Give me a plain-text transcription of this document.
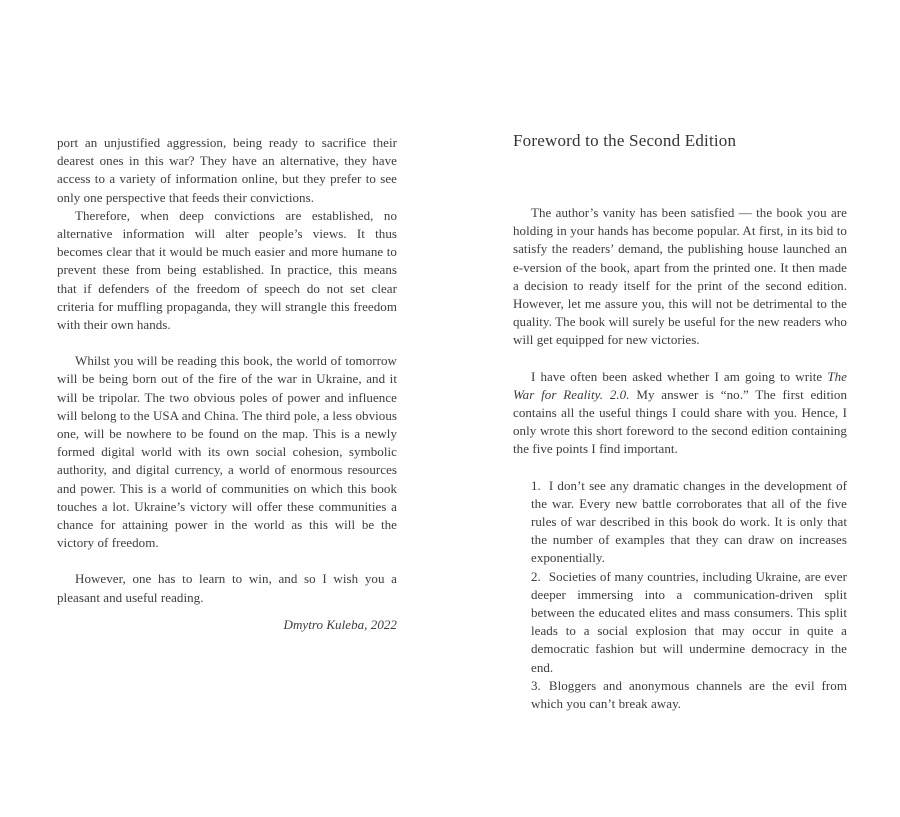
port an unjustified aggression, being ready to sacrifice their dearest ones in this war? They have an alternative, they have access to a variety of information online, but they prefer to see only one perspective that feeds their convictions.

Therefore, when deep convictions are established, no alternative information will alter people’s views. It thus becomes clear that it would be much easier and more humane to prevent these from being established. In practice, this means that if defenders of the freedom of speech do not set clear criteria for muffling propaganda, they will strangle this freedom with their own hands.

Whilst you will be reading this book, the world of tomorrow will be being born out of the fire of the war in Ukraine, and it will be tripolar. The two obvious poles of power and influence will belong to the USA and China. The third pole, a less obvious one, will be nowhere to be found on the map. This is a newly formed digital world with its own social cohesion, symbolic authority, and digital currency, a world of enormous resources and power. This is a world of communities on which this book touches a lot. Ukraine’s victory will offer these communities a chance for attaining power in the world as this will be the victory of freedom.

However, one has to learn to win, and so I wish you a pleasant and useful reading.

Dmytro Kuleba, 2022

Foreword to the Second Edition

The author’s vanity has been satisfied — the book you are holding in your hands has become popular. At first, in its bid to satisfy the readers’ demand, the publishing house launched an e-version of the book, apart from the printed one. It then made a decision to ready itself for the print of the second edition. However, let me assure you, this will not be detrimental to the quality. The book will surely be useful for the new readers who will get equipped for new victories.

I have often been asked whether I am going to write The War for Reality. 2.0. My answer is “no.” The first edition contains all the useful things I could share with you. Hence, I only wrote this short foreword to the second edition containing the five points I find important.

1. I don’t see any dramatic changes in the development of the war. Every new battle corroborates that all of the five rules of war described in this book do work. It is only that the number of examples that they can draw on increases exponentially.
2. Societies of many countries, including Ukraine, are ever deeper immersing into a communication-driven split between the educated elites and mass consumers. This split leads to a social explosion that may occur in quite a democratic fashion but will undermine democracy in the end.
3. Bloggers and anonymous channels are the evil from which you can’t break away.
